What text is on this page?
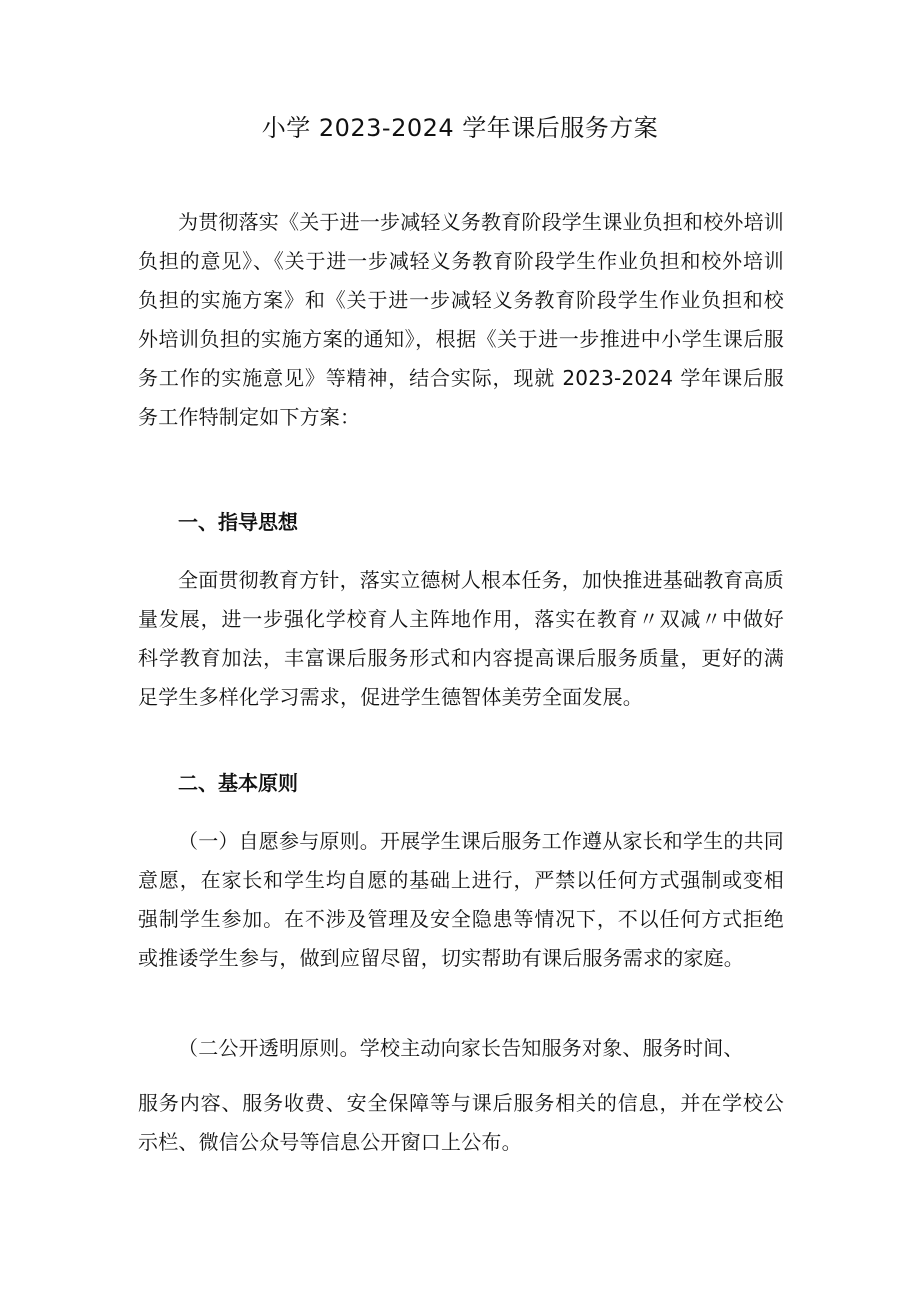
小学 2023-2024 学年课后服务方案

为贯彻落实《关于进一步减轻义务教育阶段学生课业负担和校外培训负担的意见》、《关于进一步减轻义务教育阶段学生作业负担和校外培训负担的实施方案》和《关于进一步减轻义务教育阶段学生作业负担和校外培训负担的实施方案的通知》，根据《关于进一步推进中小学生课后服务工作的实施意见》等精神，结合实际，现就 2023-2024 学年课后服务工作特制定如下方案：

一、指导思想

全面贯彻教育方针，落实立德树人根本任务，加快推进基础教育高质量发展，进一步强化学校育人主阵地作用，落实在教育〃双减〃中做好科学教育加法，丰富课后服务形式和内容提高课后服务质量，更好的满足学生多样化学习需求，促进学生德智体美劳全面发展。

二、基本原则

（一）自愿参与原则。开展学生课后服务工作遵从家长和学生的共同意愿，在家长和学生均自愿的基础上进行，严禁以任何方式强制或变相强制学生参加。在不涉及管理及安全隐患等情况下，不以任何方式拒绝或推诿学生参与，做到应留尽留，切实帮助有课后服务需求的家庭。

（二公开透明原则。学校主动向家长告知服务对象、服务时间、

服务内容、服务收费、安全保障等与课后服务相关的信息，并在学校公示栏、微信公众号等信息公开窗口上公布。
